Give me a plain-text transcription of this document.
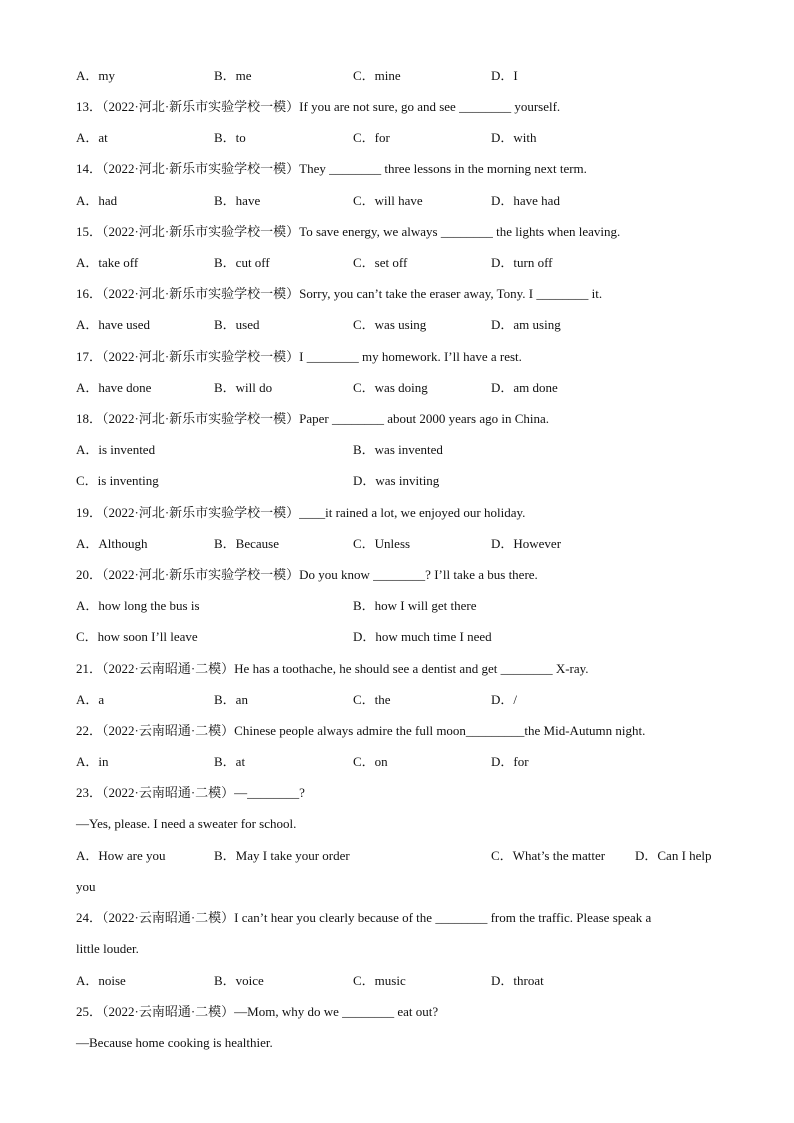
A．my	B．me	C．mine	D．I
13．（2022·河北·新乐市实验学校一模）If you are not sure, go and see ________ yourself.
A．at	B．to	C．for	D．with
14．（2022·河北·新乐市实验学校一模）They ________ three lessons in the morning next term.
A．had	B．have	C．will have	D．have had
15．（2022·河北·新乐市实验学校一模）To save energy, we always ________ the lights when leaving.
A．take off	B．cut off	C．set off	D．turn off
16．（2022·河北·新乐市实验学校一模）Sorry, you can’t take the eraser away, Tony. I ________ it.
A．have used	B．used	C．was using	D．am using
17．（2022·河北·新乐市实验学校一模）I ________ my homework. I’ll have a rest.
A．have done	B．will do	C．was doing	D．am done
18．（2022·河北·新乐市实验学校一模）Paper ________ about 2000 years ago in China.
A．is invented	B．was invented
C．is inventing	D．was inviting
19．（2022·河北·新乐市实验学校一模）____it rained a lot, we enjoyed our holiday.
A．Although	B．Because	C．Unless	D．However
20．（2022·河北·新乐市实验学校一模）Do you know ________? I’ll take a bus there.
A．how long the bus is	B．how I will get there
C．how soon I’ll leave	D．how much time I need
21．（2022·云南昭通·二模）He has a toothache, he should see a dentist and get ________ X-ray.
A．a	B．an	C．the	D．/
22．（2022·云南昭通·二模）Chinese people always admire the full moon_________the Mid-Autumn night.
A．in	B．at	C．on	D．for
23．（2022·云南昭通·二模）—________?
—Yes, please. I need a sweater for school.
A．How are you	B．May I take your order	C．What’s the matter D．Can I help
you
24．（2022·云南昭通·二模）I can’t hear you clearly because of the ________ from the traffic. Please speak a
little louder.
A．noise	B．voice	C．music	D．throat
25．（2022·云南昭通·二模）—Mom, why do we ________ eat out?
—Because home cooking is healthier.
